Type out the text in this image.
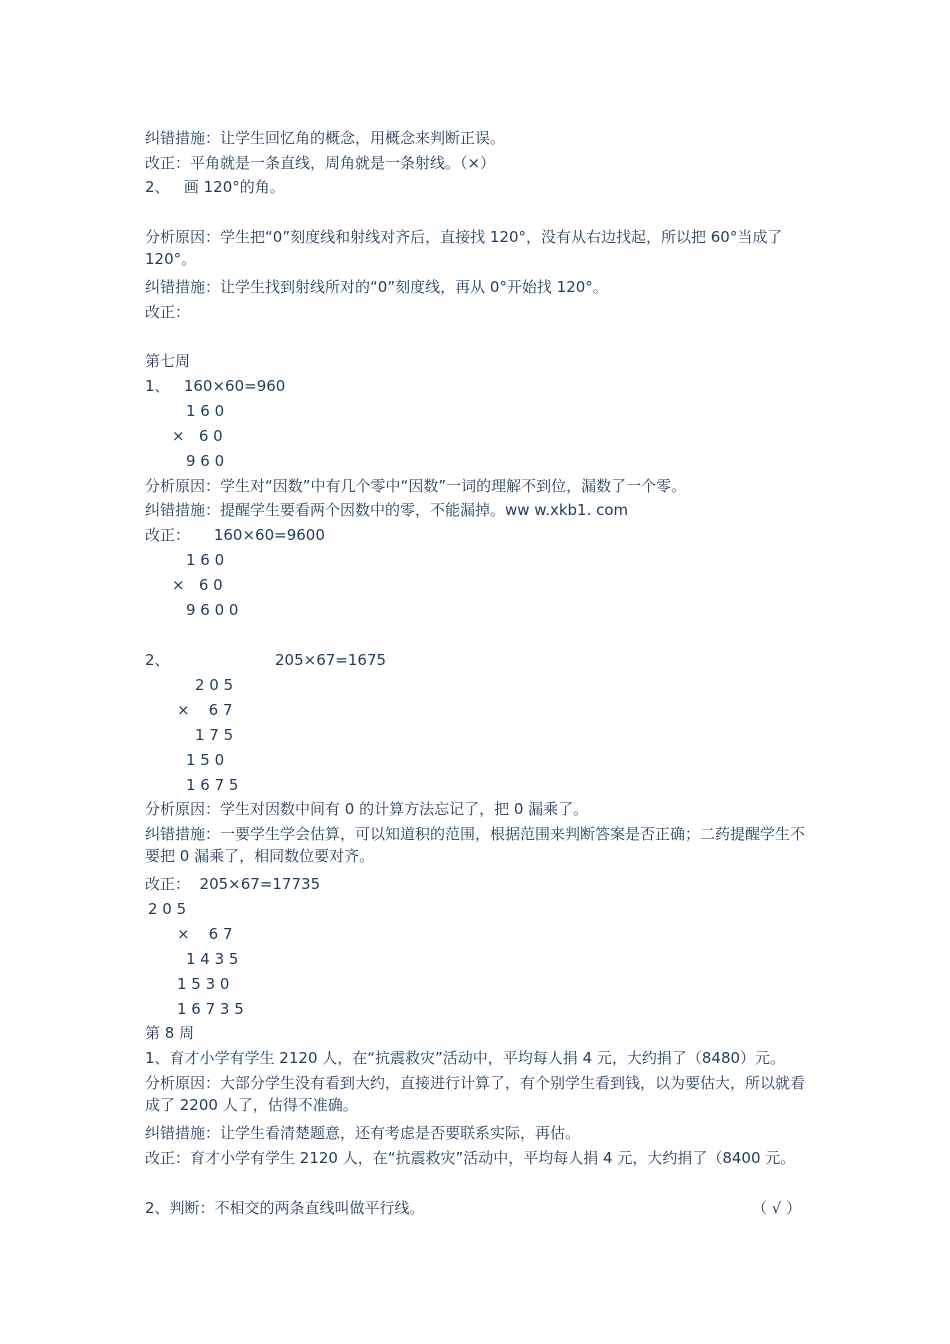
纠错措施：让学生回忆角的概念，用概念来判断正误。
改正：平角就是一条直线，周角就是一条射线。（×）
2、   画 120°的角。
分析原因：学生把“0”刻度线和射线对齐后，直接找 120°，没有从右边找起，所以把 60°当成了 120°。
纠错措施：让学生找到射线所对的“0”刻度线，再从 0°开始找 120°。
改正：
第七周
1、   160×60=960
1 6 0
×   6 0
9 6 0
分析原因：学生对“因数”中有几个零中“因数”一词的理解不到位，漏数了一个零。
纠错措施：提醒学生要看两个因数中的零，不能漏掉。ww w.xkb1. com
改正：     160×60=9600
1 6 0
×   6 0
9 6 0 0
2、	205×67=1675
2 0 5
×    6 7
1 7 5
1 5 0
1 6 7 5
分析原因：学生对因数中间有 0 的计算方法忘记了，把 0 漏乘了。
纠错措施：一要学生学会估算，可以知道积的范围，根据范围来判断答案是否正确；二药提醒学生不要把 0 漏乘了，相同数位要对齐。
改正：  205×67=17735
2 0 5
×    6 7
1 4 3 5
1 5 3 0
1 6 7 3 5
第 8 周
1、育才小学有学生 2120 人，在“抗震救灾”活动中，平均每人捐 4 元，大约捐了（8480）元。
分析原因：大部分学生没有看到大约，直接进行计算了，有个别学生看到钱，以为要估大，所以就看成了 2200 人了，估得不准确。
纠错措施：让学生看清楚题意，还有考虑是否要联系实际，再估。
改正：育才小学有学生 2120 人，在“抗震救灾”活动中，平均每人捐 4 元，大约捐了（8400 元。
2、判断：不相交的两条直线叫做平行线。	（ √ ）
